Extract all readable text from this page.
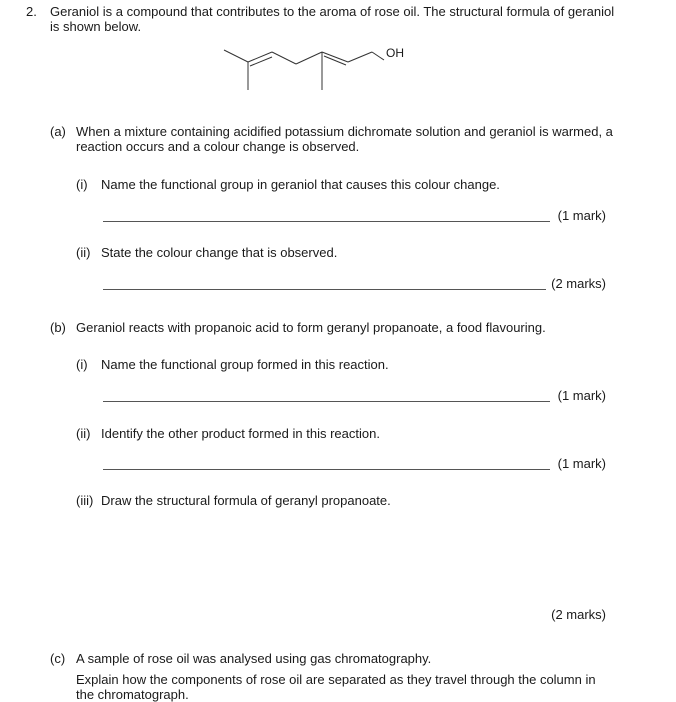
2. Geraniol is a compound that contributes to the aroma of rose oil. The structural formula of geraniol
is shown below.
OH
(a) When a mixture containing acidified potassium dichromate solution and geraniol is warmed, a
reaction occurs and a colour change is observed.
(i) Name the functional group in geraniol that causes this colour change.
(1 mark)
(ii) State the colour change that is observed.
(2 marks)
(b) Geraniol reacts with propanoic acid to form geranyl propanoate, a food flavouring.
(i) Name the functional group formed in this reaction.
(1 mark)
(ii) Identify the other product formed in this reaction.
(1 mark)
(iii) Draw the structural formula of geranyl propanoate.
(2 marks)
(c) A sample of rose oil was analysed using gas chromatography.
Explain how the components of rose oil are separated as they travel through the column in
the chromatograph.
